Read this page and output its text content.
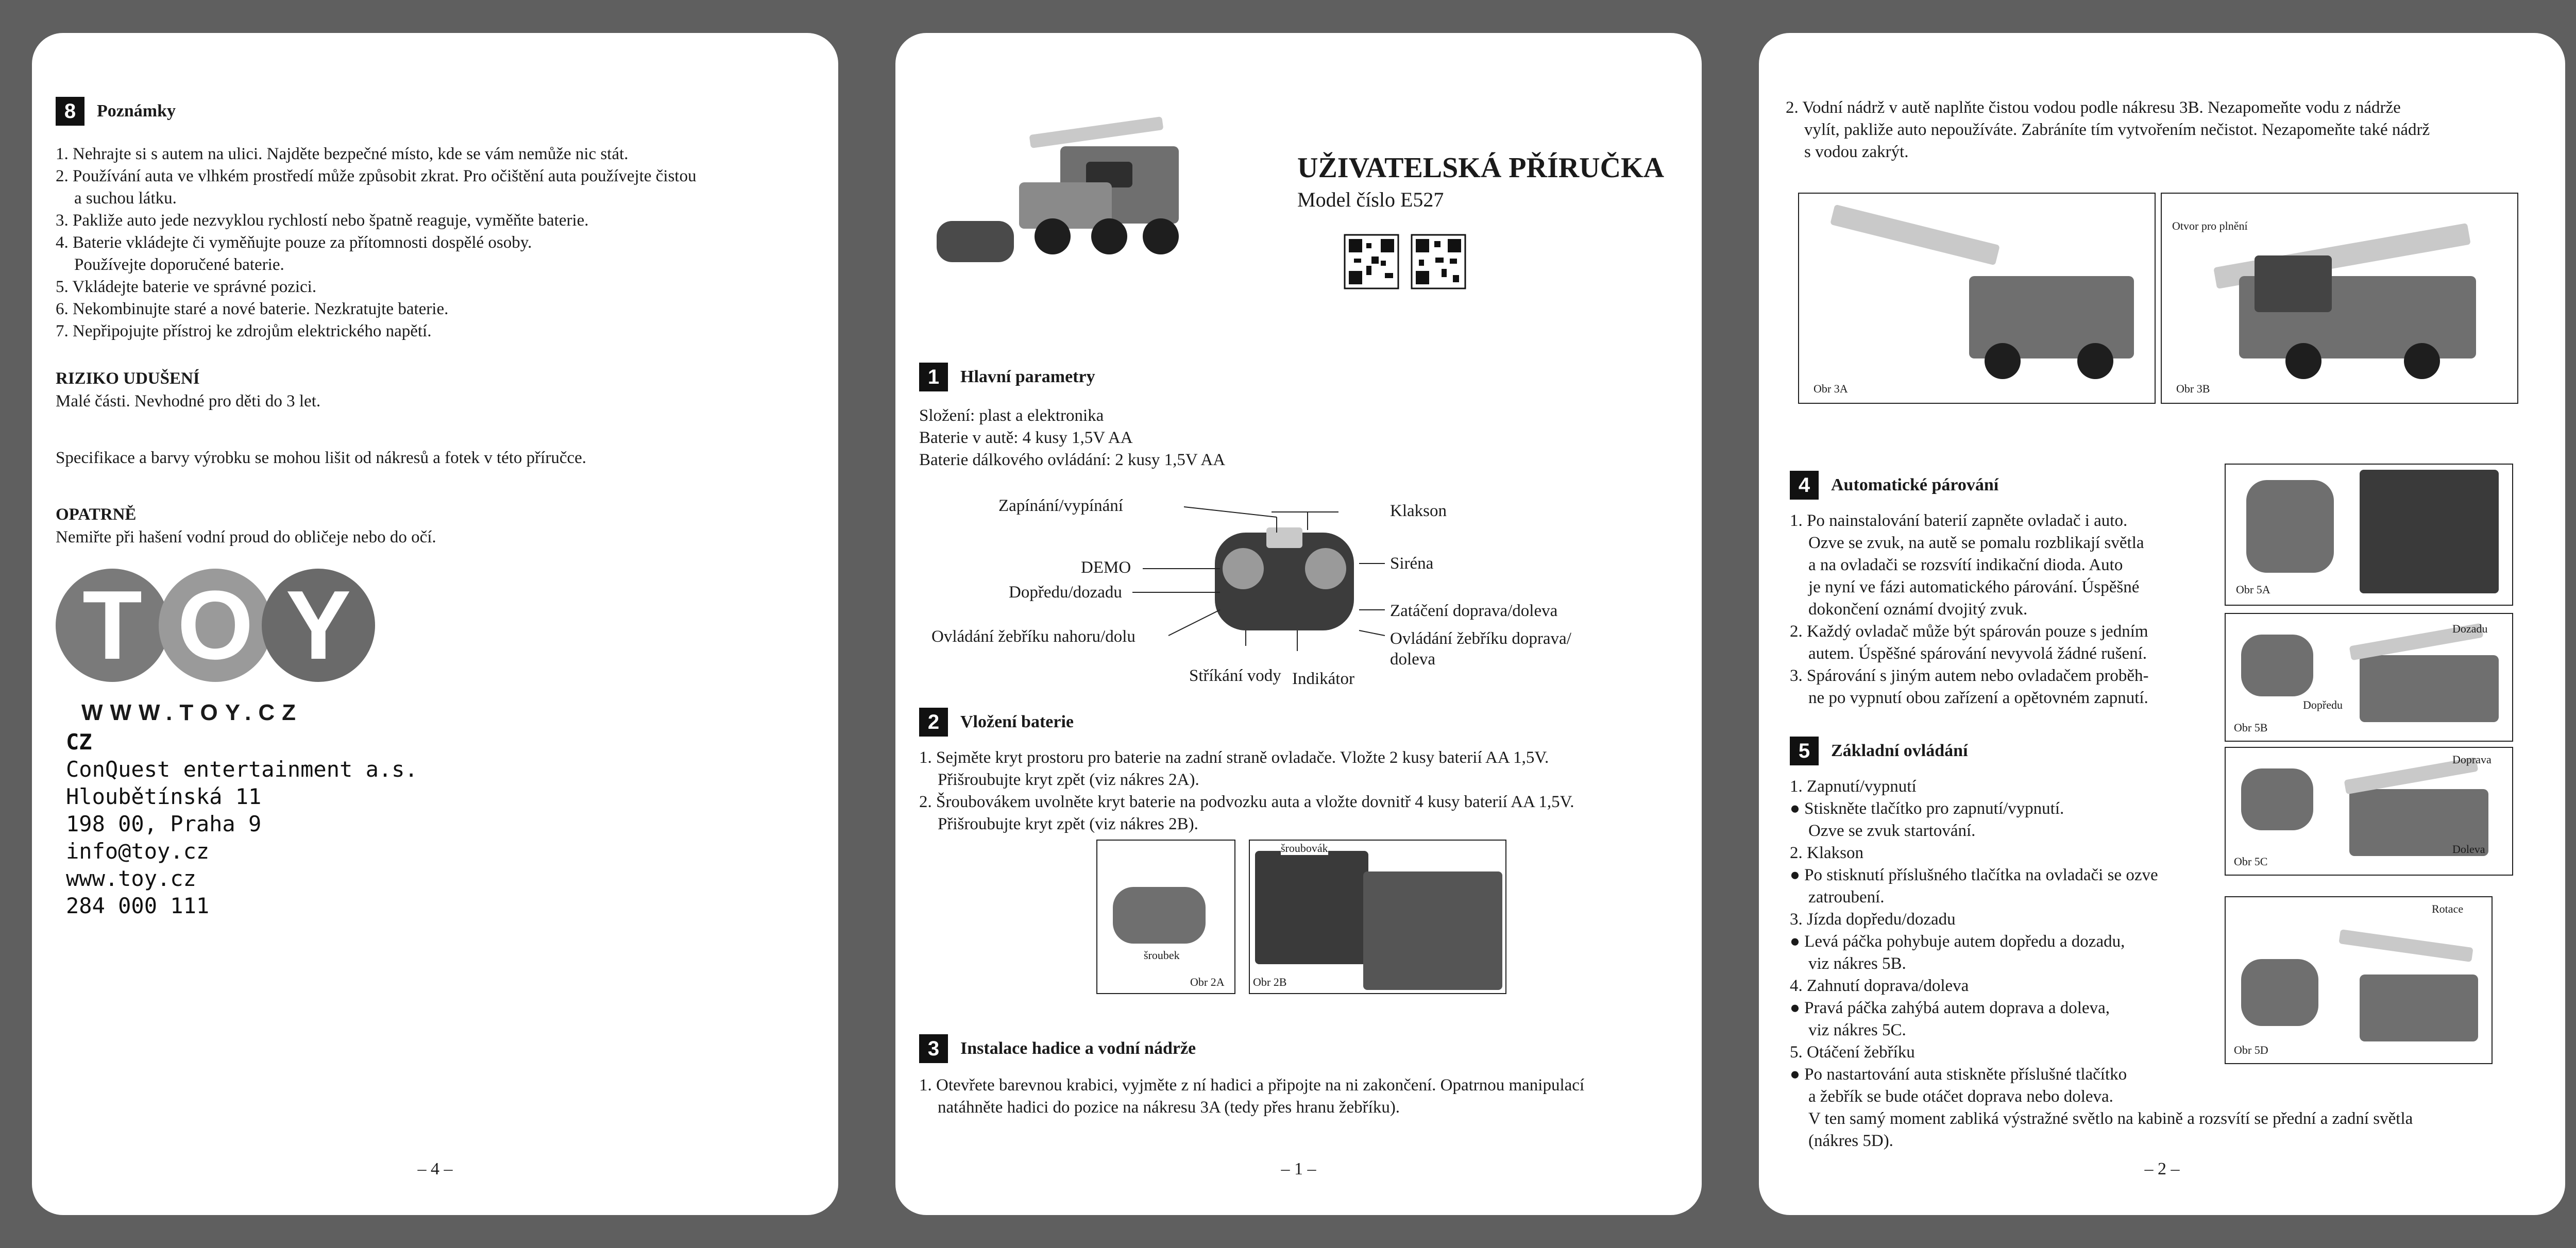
8	Poznámky
1. Nehrajte si s autem na ulici. Najděte bezpečné místo, kde se vám nemůže nic stát.
2. Používání auta ve vlhkém prostředí může způsobit zkrat. Pro očištění auta používejte čistou
a suchou látku.
3. Pakliže auto jede nezvyklou rychlostí nebo špatně reaguje, vyměňte baterie.
4. Baterie vkládejte či vyměňujte pouze za přítomnosti dospělé osoby.
Používejte doporučené baterie.
5. Vkládejte baterie ve správné pozici.
6. Nekombinujte staré a nové baterie. Nezkratujte baterie.
7. Nepřipojujte přístroj ke zdrojům elektrického napětí.
RIZIKO UDUŠENÍ
Malé části. Nevhodné pro děti do 3 let.
Specifikace a barvy výrobku se mohou lišit od nákresů a fotek v této příručce.
OPATRNĚ
Nemiřte při hašení vodní proud do obličeje nebo do očí.
T O Y
WWW.TOY.CZ
CZ
ConQuest entertainment a.s.
Hloubětínská 11
198 00, Praha 9
info@toy.cz
www.toy.cz
284 000 111
– 4 –
UŽIVATELSKÁ PŘÍRUČKA
Model číslo E527
1	Hlavní parametry
Složení: plast a elektronika
Baterie v autě: 4 kusy 1,5V AA
Baterie dálkového ovládání: 2 kusy 1,5V AA
Zapínání/vypínání
DEMO
Dopředu/dozadu
Ovládání žebříku nahoru/dolu
Stříkání vody Indikátor
Klakson
Siréna
Zatáčení doprava/doleva
Ovládání žebříku doprava/
doleva
2	Vložení baterie
1. Sejměte kryt prostoru pro baterie na zadní straně ovladače. Vložte 2 kusy baterií AA 1,5V.
Přišroubujte kryt zpět (viz nákres 2A).
2. Šroubovákem uvolněte kryt baterie na podvozku auta a vložte dovnitř 4 kusy baterií AA 1,5V.
Přišroubujte kryt zpět (viz nákres 2B).
šroubek
Obr 2A
šroubovák
Obr 2B
3	Instalace hadice a vodní nádrže
1. Otevřete barevnou krabici, vyjměte z ní hadici a připojte na ni zakončení. Opatrnou manipulací
natáhněte hadici do pozice na nákresu 3A (tedy přes hranu žebříku).
– 1 –
2. Vodní nádrž v autě naplňte čistou vodou podle nákresu 3B. Nezapomeňte vodu z nádrže
vylít, pakliže auto nepoužíváte. Zabráníte tím vytvořením nečistot. Nezapomeňte také nádrž
s vodou zakrýt.
Obr 3A
Otvor pro plnění
Obr 3B
4	Automatické párování
1. Po nainstalování baterií zapněte ovladač i auto.
Ozve se zvuk, na autě se pomalu rozblikají světla
a na ovladači se rozsvítí indikační dioda. Auto
je nyní ve fázi automatického párování. Úspěšné
dokončení oznámí dvojitý zvuk.
2. Každý ovladač může být spárován pouze s jedním
autem. Úspěšné spárování nevyvolá žádné rušení.
3. Spárování s jiným autem nebo ovladačem proběh-
ne po vypnutí obou zařízení a opětovném zapnutí.
Obr 5A
5	Základní ovládání
1. Zapnutí/vypnutí
● Stiskněte tlačítko pro zapnutí/vypnutí.
Ozve se zvuk startování.
2. Klakson
● Po stisknutí příslušného tlačítka na ovladači se ozve
zatroubení.
3. Jízda dopředu/dozadu
● Levá páčka pohybuje autem dopředu a dozadu,
viz nákres 5B.
4. Zahnutí doprava/doleva
● Pravá páčka zahýbá autem doprava a doleva,
viz nákres 5C.
5. Otáčení žebříku
● Po nastartování auta stiskněte příslušné tlačítko
a žebřík se bude otáčet doprava nebo doleva.
V ten samý moment zabliká výstražné světlo na kabině a rozsvítí se přední a zadní světla
(nákres 5D).
Dozadu
Dopředu
Obr 5B
Doprava
Doleva
Obr 5C
Rotace
Obr 5D
– 2 –
